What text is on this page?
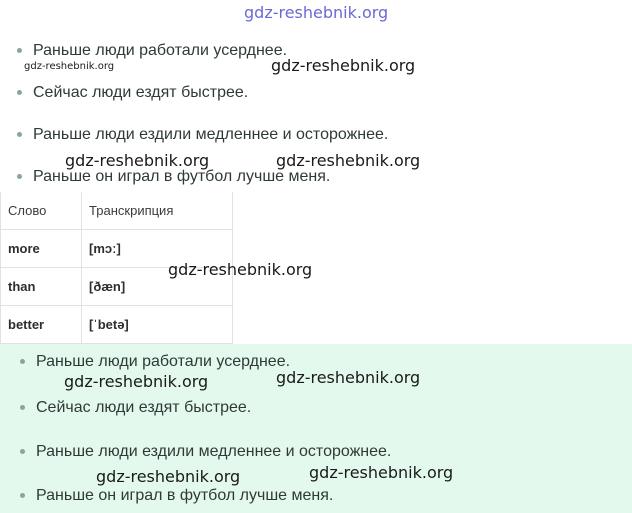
gdz-reshebnik.org
Раньше люди работали усерднее.
gdz-reshebnik.org	gdz-reshebnik.org
Сейчас люди ездят быстрее.
Раньше люди ездили медленнее и осторожнее.
gdz-reshebnik.org	gdz-reshebnik.org
Раньше он играл в футбол лучше меня.
Слово	Транскрипция
more	[mɔː]
than	[ðæn]
better	[ˈbetə]
gdz-reshebnik.org
Раньше люди работали усерднее.
gdz-reshebnik.org	gdz-reshebnik.org
Сейчас люди ездят быстрее.
Раньше люди ездили медленнее и осторожнее.
gdz-reshebnik.org	gdz-reshebnik.org
Раньше он играл в футбол лучше меня.
